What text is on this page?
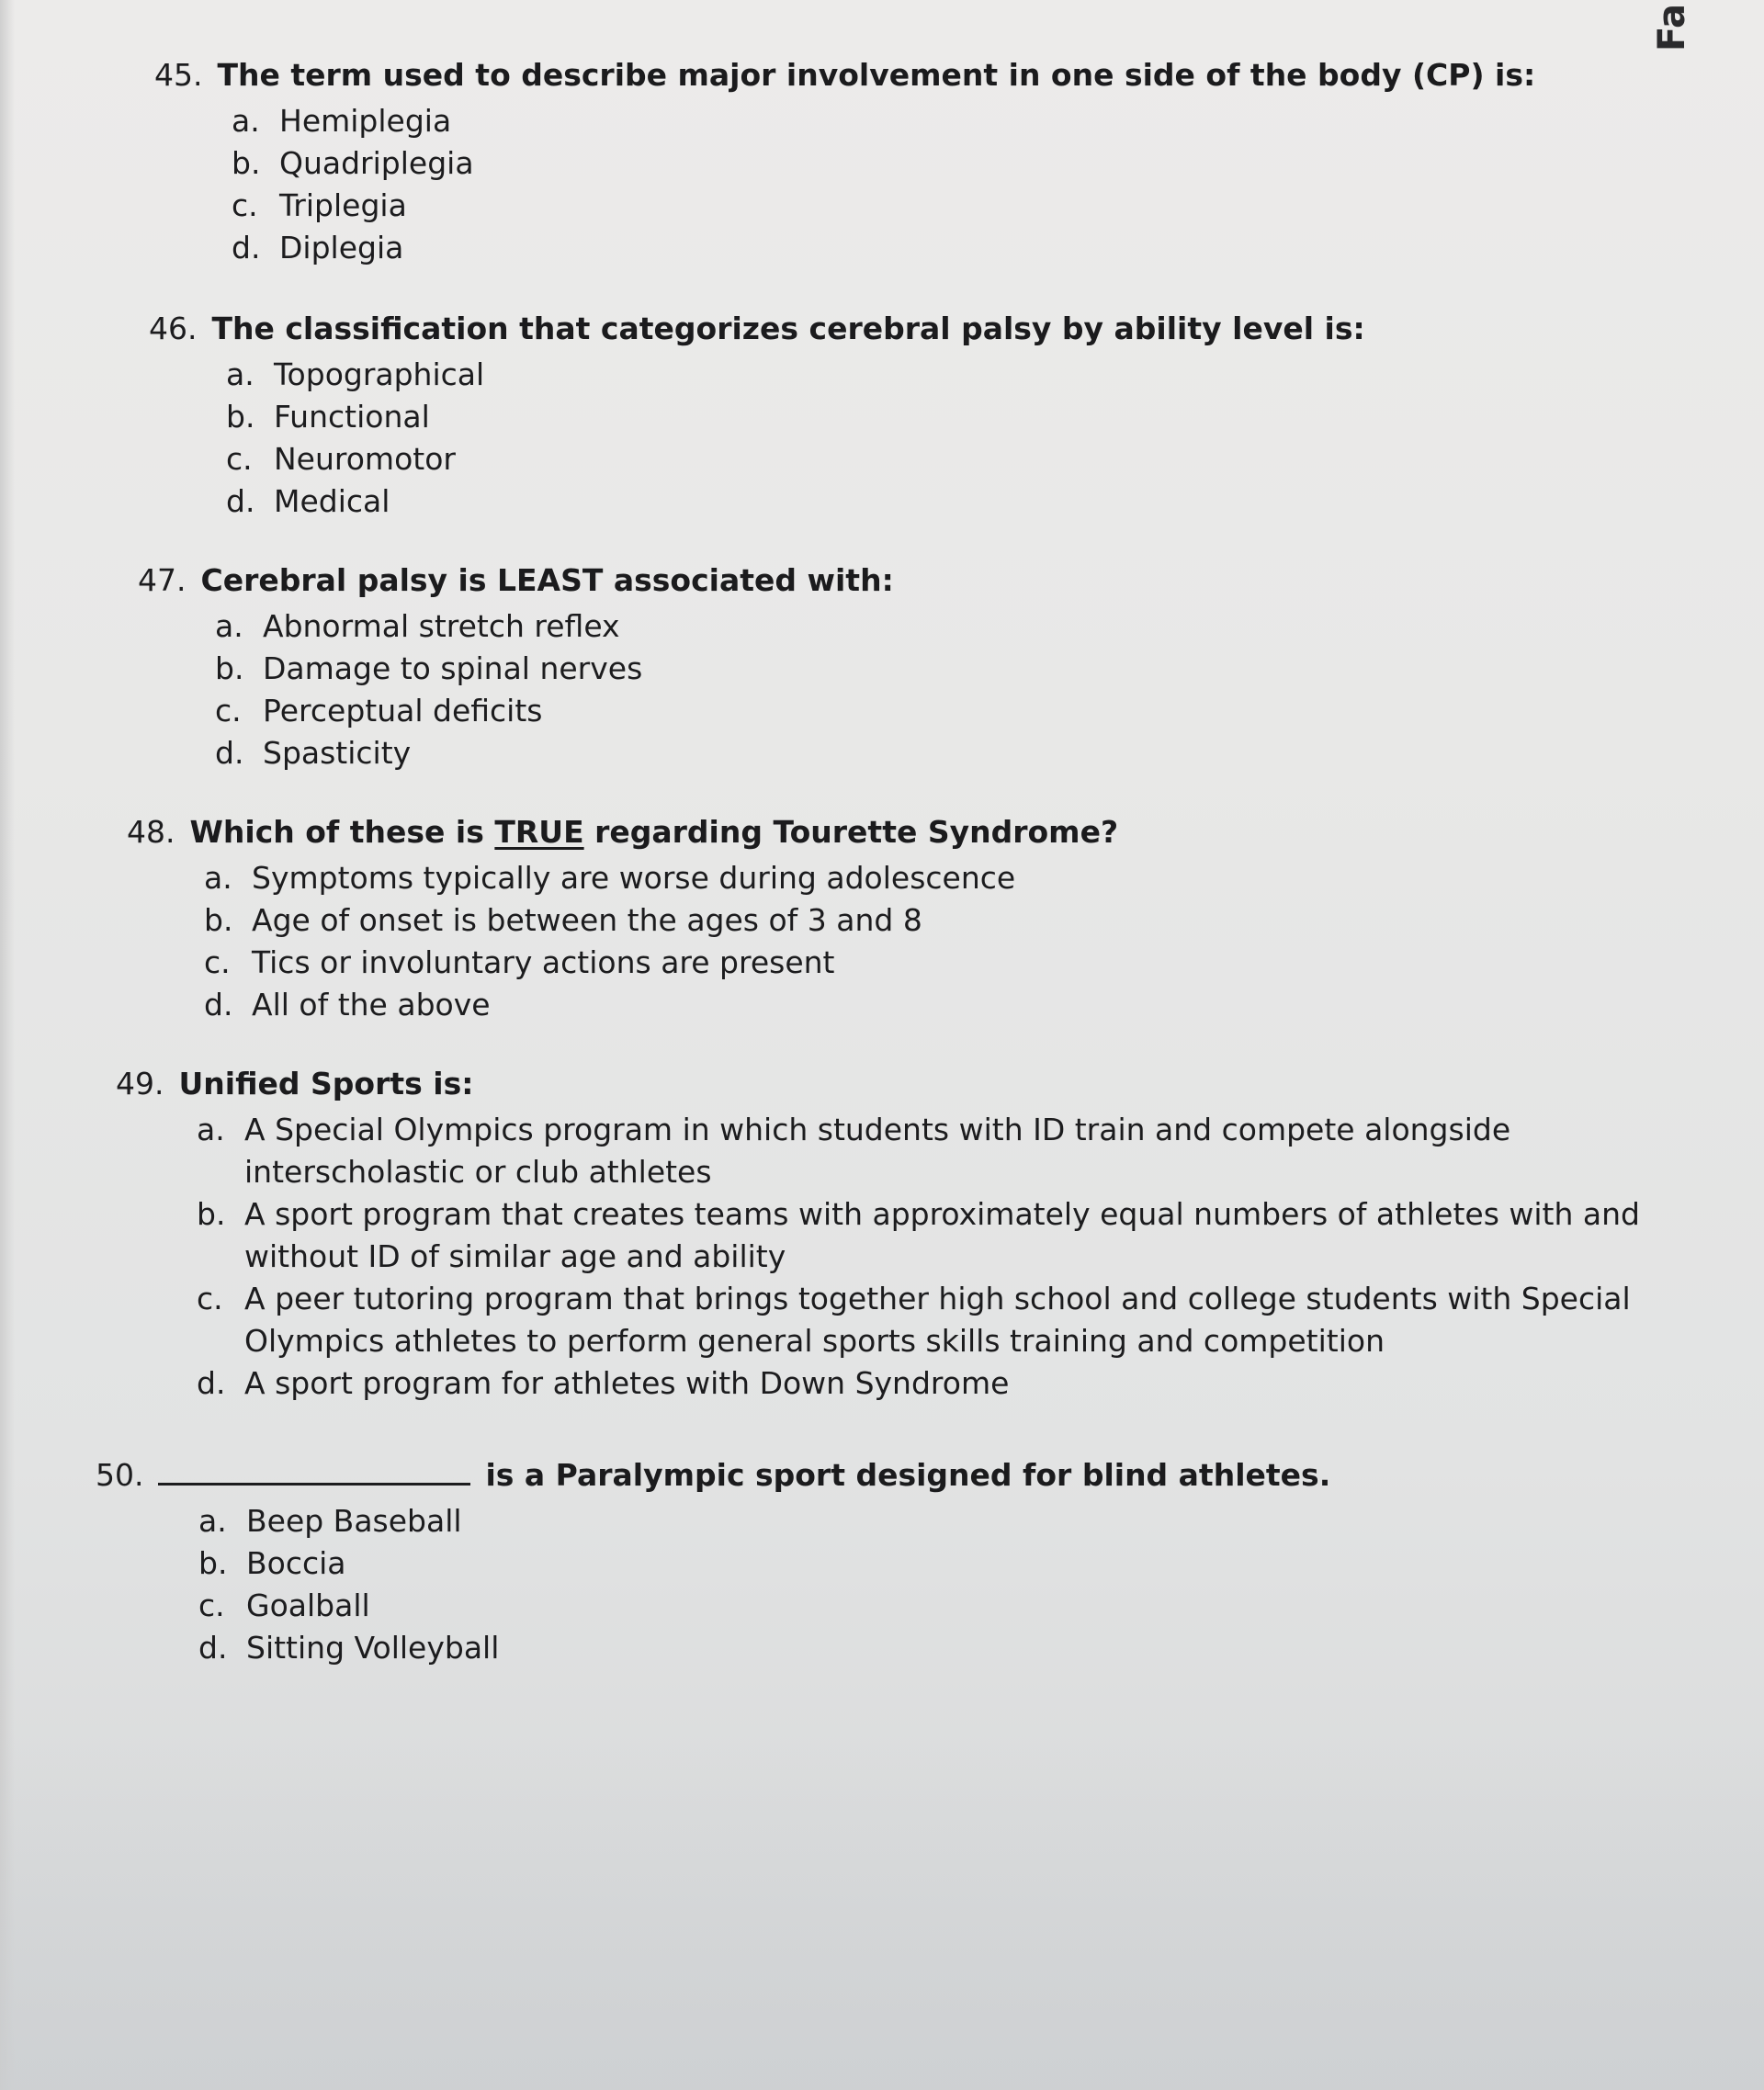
Fa
45. The term used to describe major involvement in one side of the body (CP) is:
a. Hemiplegia
b. Quadriplegia
c. Triplegia
d. Diplegia
46. The classification that categorizes cerebral palsy by ability level is:
a. Topographical
b. Functional
c. Neuromotor
d. Medical
47. Cerebral palsy is LEAST associated with:
a. Abnormal stretch reflex
b. Damage to spinal nerves
c. Perceptual deficits
d. Spasticity
48. Which of these is TRUE regarding Tourette Syndrome?
a. Symptoms typically are worse during adolescence
b. Age of onset is between the ages of 3 and 8
c. Tics or involuntary actions are present
d. All of the above
49. Unified Sports is:
a. A Special Olympics program in which students with ID train and compete alongside interscholastic or club athletes
b. A sport program that creates teams with approximately equal numbers of athletes with and without ID of similar age and ability
c. A peer tutoring program that brings together high school and college students with Special Olympics athletes to perform general sports skills training and competition
d. A sport program for athletes with Down Syndrome
50.	is a Paralympic sport designed for blind athletes.
a. Beep Baseball
b. Boccia
c. Goalball
d. Sitting Volleyball
